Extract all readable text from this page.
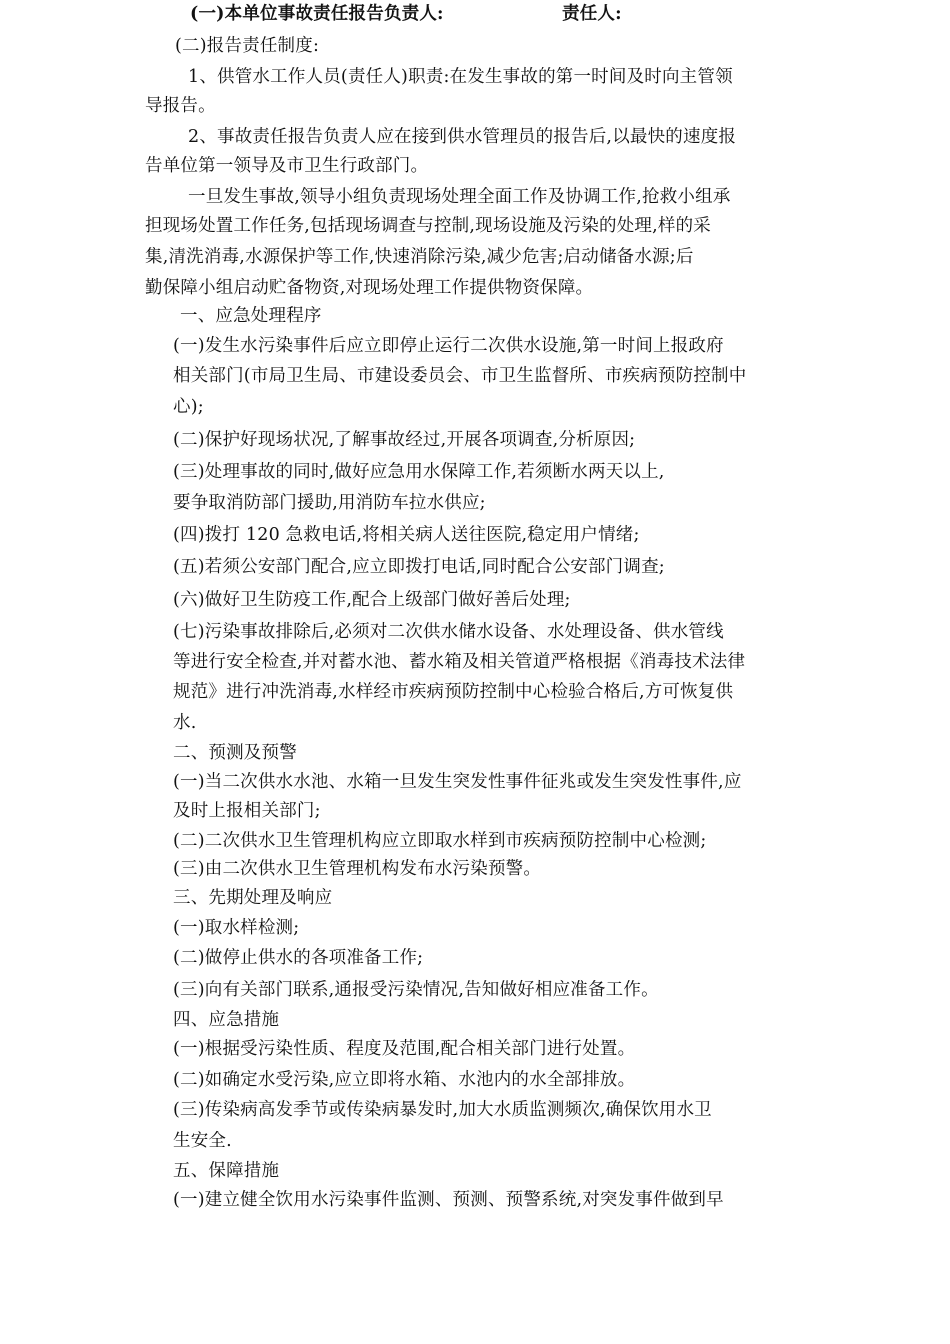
(一)本单位事故责任报告负责人:	责任人:
(二)报告责任制度:
1、供管水工作人员(责任人)职责:在发生事故的第一时间及时向主管领
导报告。
2、事故责任报告负责人应在接到供水管理员的报告后,以最快的速度报
告单位第一领导及市卫生行政部门。
一旦发生事故,领导小组负责现场处理全面工作及协调工作,抢救小组承
担现场处置工作任务,包括现场调查与控制,现场设施及污染的处理,样的采
集,清洗消毒,水源保护等工作,快速消除污染,减少危害;启动储备水源;后
勤保障小组启动贮备物资,对现场处理工作提供物资保障。
一、应急处理程序
(一)发生水污染事件后应立即停止运行二次供水设施,第一时间上报政府
相关部门(市局卫生局、市建设委员会、市卫生监督所、市疾病预防控制中
心);
(二)保护好现场状况,了解事故经过,开展各项调查,分析原因;
(三)处理事故的同时,做好应急用水保障工作,若须断水两天以上,
要争取消防部门援助,用消防车拉水供应;
(四)拨打 120 急救电话,将相关病人送往医院,稳定用户情绪;
(五)若须公安部门配合,应立即拨打电话,同时配合公安部门调查;
(六)做好卫生防疫工作,配合上级部门做好善后处理;
(七)污染事故排除后,必须对二次供水储水设备、水处理设备、供水管线
等进行安全检查,并对蓄水池、蓄水箱及相关管道严格根据《消毒技术法律
规范》进行冲洗消毒,水样经市疾病预防控制中心检验合格后,方可恢复供
水.
二、预测及预警
(一)当二次供水水池、水箱一旦发生突发性事件征兆或发生突发性事件,应
及时上报相关部门;
(二)二次供水卫生管理机构应立即取水样到市疾病预防控制中心检测;
(三)由二次供水卫生管理机构发布水污染预警。
三、先期处理及响应
(一)取水样检测;
(二)做停止供水的各项准备工作;
(三)向有关部门联系,通报受污染情况,告知做好相应准备工作。
四、应急措施
(一)根据受污染性质、程度及范围,配合相关部门进行处置。
(二)如确定水受污染,应立即将水箱、水池内的水全部排放。
(三)传染病高发季节或传染病暴发时,加大水质监测频次,确保饮用水卫
生安全.
五、保障措施
(一)建立健全饮用水污染事件监测、预测、预警系统,对突发事件做到早
